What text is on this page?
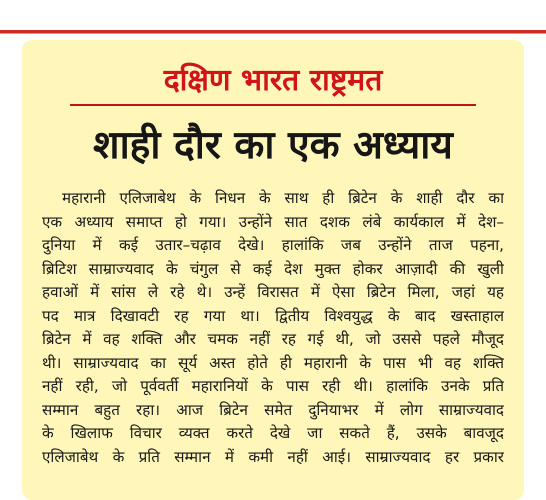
दक्षिण भारत राष्ट्रमत
शाही दौर का एक अध्याय
महारानी एलिजाबेथ के निधन के साथ ही ब्रिटेन के शाही दौर का
एक अध्याय समाप्त हो गया। उन्होंने सात दशक लंबे कार्यकाल में देश–
दुनिया में कई उतार–चढ़ाव देखे। हालांकि जब उन्होंने ताज पहना,
ब्रिटिश साम्राज्यवाद के चंगुल से कई देश मुक्त होकर आज़ादी की खुली
हवाओं में सांस ले रहे थे। उन्हें विरासत में ऐसा ब्रिटेन मिला, जहां यह
पद मात्र दिखावटी रह गया था। द्वितीय विश्वयुद्ध के बाद खस्ताहाल
ब्रिटेन में वह शक्ति और चमक नहीं रह गई थी, जो उससे पहले मौजूद
थी। साम्राज्यवाद का सूर्य अस्त होते ही महारानी के पास भी वह शक्ति
नहीं रही, जो पूर्ववर्ती महारानियों के पास रही थी। हालांकि उनके प्रति
सम्मान बहुत रहा। आज ब्रिटेन समेत दुनियाभर में लोग साम्राज्यवाद
के खिलाफ विचार व्यक्त करते देखे जा सकते हैं, उसके बावजूद
एलिजाबेथ के प्रति सम्मान में कमी नहीं आई। साम्राज्यवाद हर प्रकार
